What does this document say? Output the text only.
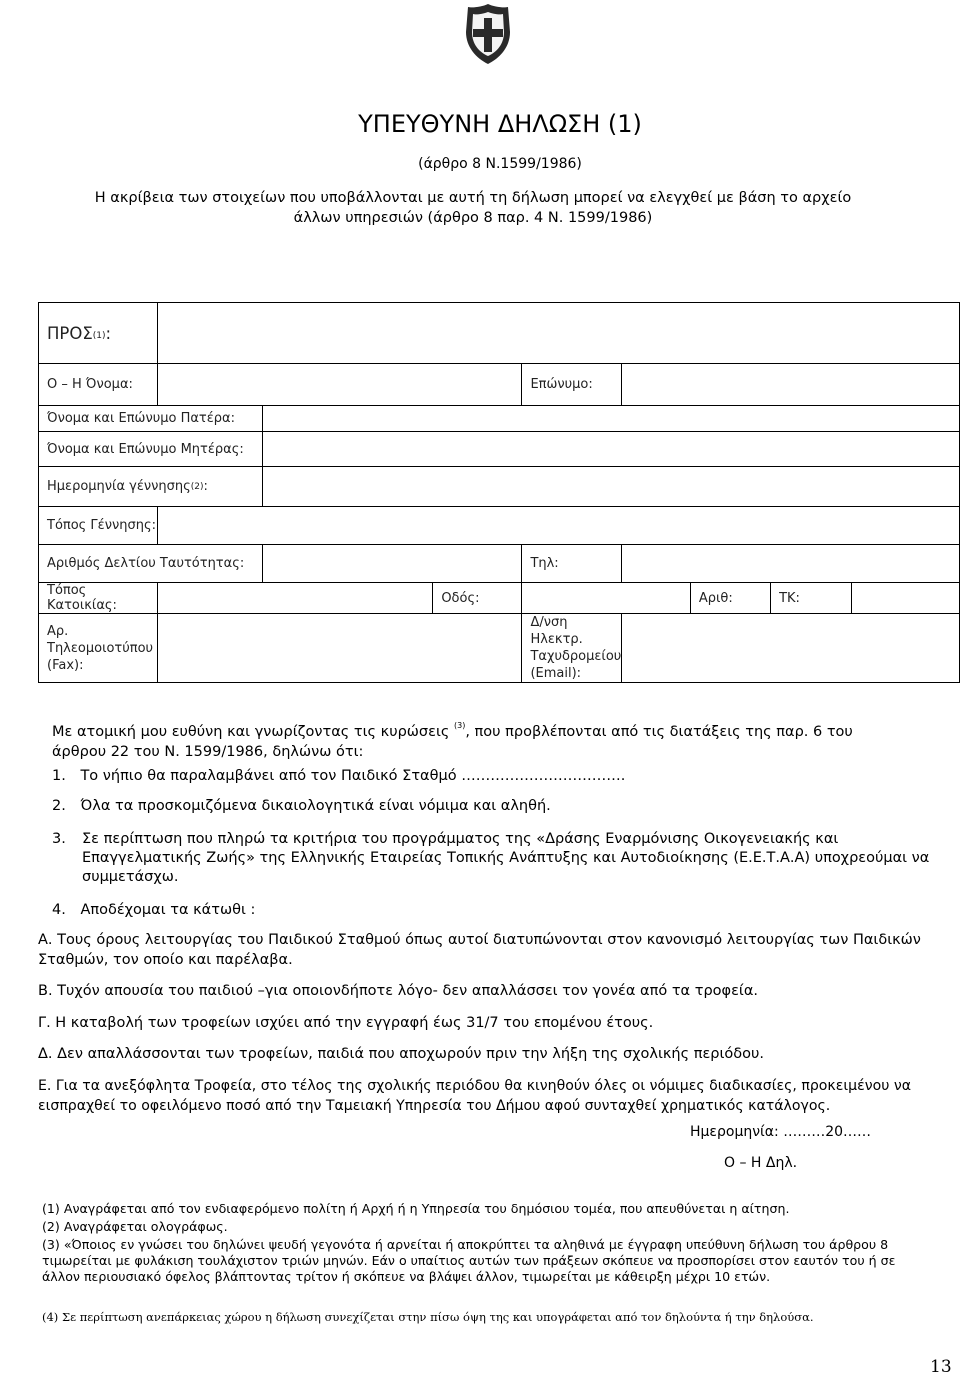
ΥΠΕΥΘΥΝΗ ΔΗΛΩΣΗ (1)
(άρθρο 8 Ν.1599/1986)
Η ακρίβεια των στοιχείων που υποβάλλονται με αυτή τη δήλωση μπορεί να ελεγχθεί με βάση το αρχείο
άλλων υπηρεσιών (άρθρο 8 παρ. 4 Ν. 1599/1986)
ΠΡΟΣ(1):								
Ο – Η Όνομα:				Επώνυμο:				
Όνομα και Επώνυμο Πατέρα:								
Όνομα και Επώνυμο Μητέρας:								
Ημερομηνία γέννησης(2):								
Τόπος Γέννησης:								
Αριθμός Δελτίου Ταυτότητας:				Τηλ:				
Τόπος Κατοικίας:			Οδός:			Αριθ:	ΤΚ:	
Αρ. Τηλεομοιοτύπου (Fax):				Δ/νση Ηλεκτρ. Ταχυδρομείου (Email):				
Με ατομική μου ευθύνη και γνωρίζοντας τις κυρώσεις $^{(3)}$, που προβλέπονται από τις διατάξεις της παρ. 6 του
άρθρου 22 του Ν. 1599/1986, δηλώνω ότι:
1. Το νήπιο θα παραλαμβάνει από τον Παιδικό Σταθμό …………………………….
2. Όλα τα προσκομιζόμενα δικαιολογητικά είναι νόμιμα και αληθή.
3. Σε περίπτωση που πληρώ τα κριτήρια του προγράμματος της «Δράσης Εναρμόνισης Οικογενειακής και Επαγγελματικής Ζωής» της Ελληνικής Εταιρείας Τοπικής Ανάπτυξης και Αυτοδιοίκησης (Ε.Ε.Τ.Α.Α) υποχρεούμαι να συμμετάσχω.
4. Αποδέχομαι τα κάτωθι :
Α. Τους όρους λειτουργίας του Παιδικού Σταθμού όπως αυτοί διατυπώνονται στον κανονισμό λειτουργίας των Παιδικών Σταθμών, τον οποίο και παρέλαβα.
Β. Τυχόν απουσία του παιδιού –για οποιονδήποτε λόγο- δεν απαλλάσσει τον γονέα από τα τροφεία.
Γ. Η καταβολή των τροφείων ισχύει από την εγγραφή έως 31/7 του επομένου έτους.
Δ. Δεν απαλλάσσονται των τροφείων, παιδιά που αποχωρούν πριν την λήξη της σχολικής περιόδου.
Ε. Για τα ανεξόφλητα Τροφεία, στο τέλος της σχολικής περιόδου θα κινηθούν όλες οι νόμιμες διαδικασίες, προκειμένου να εισπραχθεί το οφειλόμενο ποσό από την Ταμειακή Υπηρεσία του Δήμου αφού συνταχθεί χρηματικός κατάλογος.
Ημερομηνία: ………20……
Ο – Η Δηλ.
(1) Αναγράφεται από τον ενδιαφερόμενο πολίτη ή Αρχή ή η Υπηρεσία του δημόσιου τομέα, που απευθύνεται η αίτηση.
(2) Αναγράφεται ολογράφως.
(3) «Όποιος εν γνώσει του δηλώνει ψευδή γεγονότα ή αρνείται ή αποκρύπτει τα αληθινά με έγγραφη υπεύθυνη δήλωση του άρθρου 8 τιμωρείται με φυλάκιση τουλάχιστον τριών μηνών. Εάν ο υπαίτιος αυτών των πράξεων σκόπευε να προσπορίσει στον εαυτόν του ή σε άλλον περιουσιακό όφελος βλάπτοντας τρίτον ή σκόπευε να βλάψει άλλον, τιμωρείται με κάθειρξη μέχρι 10 ετών.
(4) Σε περίπτωση ανεπάρκειας χώρου η δήλωση συνεχίζεται στην πίσω όψη της και υπογράφεται από τον δηλούντα ή την δηλούσα.
13
